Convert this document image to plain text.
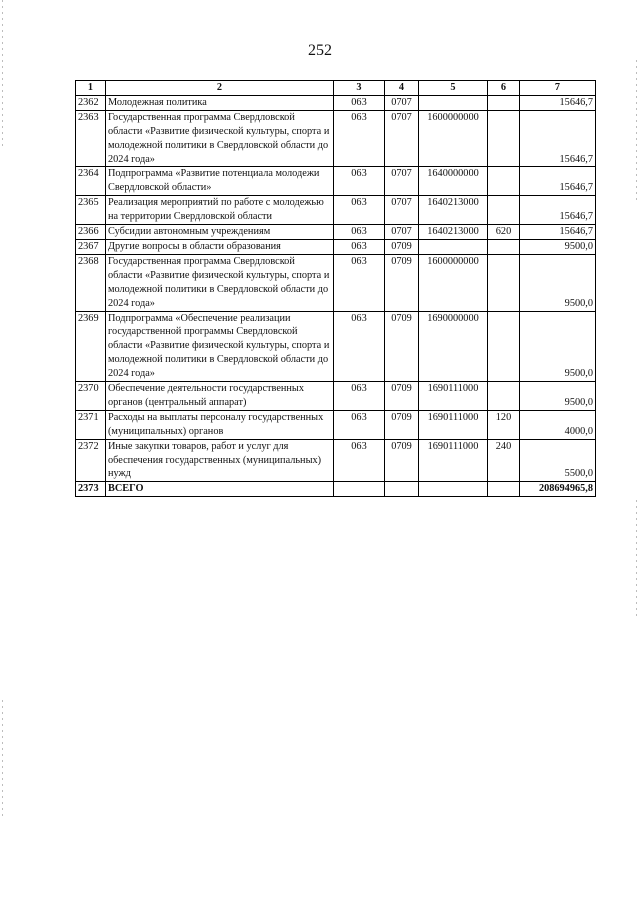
252
1	2	3	4	5	6	7
2362	Молодежная политика	063	0707			15646,7
2363	Государственная программа Свердловской области «Развитие физической культуры, спорта и молодежной политики в Свердловской области до 2024 года»	063	0707	1600000000		15646,7
2364	Подпрограмма «Развитие потенциала молодежи Свердловской области»	063	0707	1640000000		15646,7
2365	Реализация мероприятий по работе с молодежью на территории Свердловской области	063	0707	1640213000		15646,7
2366	Субсидии автономным учреждениям	063	0707	1640213000	620	15646,7
2367	Другие вопросы в области образования	063	0709			9500,0
2368	Государственная программа Свердловской области «Развитие физической культуры, спорта и молодежной политики в Свердловской области до 2024 года»	063	0709	1600000000		9500,0
2369	Подпрограмма «Обеспечение реализации государственной программы Свердловской области «Развитие физической культуры, спорта и молодежной политики в Свердловской области до 2024 года»	063	0709	1690000000		9500,0
2370	Обеспечение деятельности государственных органов (центральный аппарат)	063	0709	1690111000		9500,0
2371	Расходы на выплаты персоналу государственных (муниципальных) органов	063	0709	1690111000	120	4000,0
2372	Иные закупки товаров, работ и услуг для обеспечения государственных (муниципальных) нужд	063	0709	1690111000	240	5500,0
2373	ВСЕГО					208694965,8
